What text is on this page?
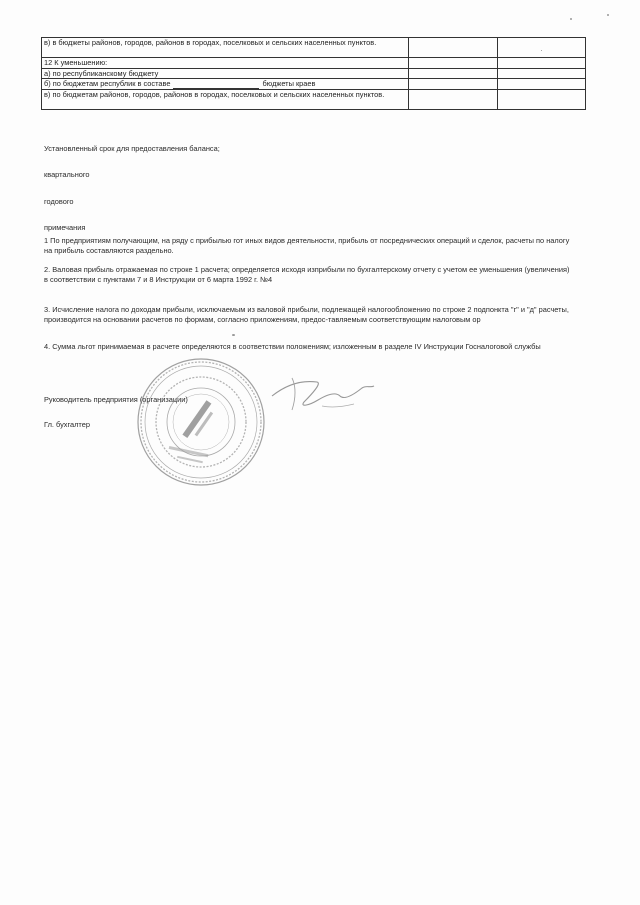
в) в бюджеты районов, городов, районов в городах, поселковых и сельских населенных пунктов.		.

12 К уменьшению:		
а) по республиканскому бюджету		
б) по бюджетам республик в составе бюджеты краев		
в) по бюджетам районов, городов, районов в городах, поселковых и сельских населенных пунктов.		
Установленный срок для предоставления баланса;
квартального
годового
примечания
1 По предприятиям получающим, на ряду с прибылью гот иных видов деятельности, прибыль от посреднических операций и сделок, расчеты по налогу на прибыль составляются раздельно.
2. Валовая прибыль отражаемая по строке 1 расчета; определяется исходя изприбыли по бухгалтерскому отчету с учетом ее уменьшения (увеличения) в соответствии с пунктами 7 и 8 Инструкции от 6 марта 1992 г. №4
3. Исчисление налога по доходам прибыли, исключаемым из валовой прибыли, подлежащей налогообложению по строке 2 подпонкта "г" и "д" расчеты, производится на основании расчетов по формам, согласно приложениям, предос-тавляемым соответствующим налоговым ор
4. Сумма льгот принимаемая в расчете определяются в соответствии положениям; изложенным в разделе IV Инструкции Госналоговой службы
Руководитель предприятия (организации)
Гл. бухгалтер
